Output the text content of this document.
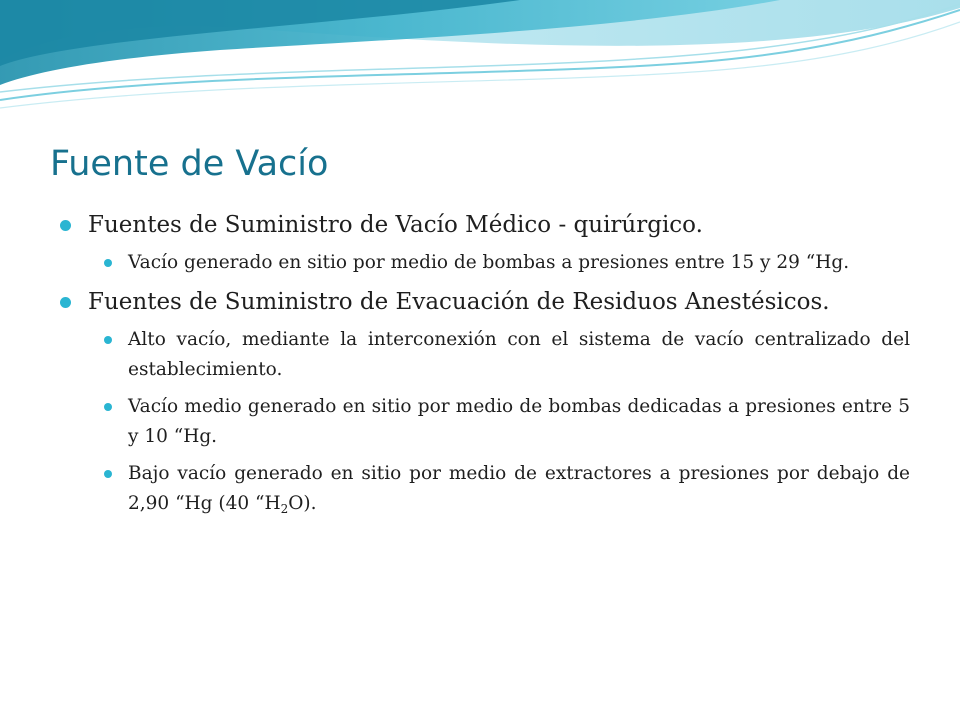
Fuente de Vacío
Fuentes de Suministro de Vacío Médico - quirúrgico.
Vacío generado en sitio por medio de bombas a presiones entre 15 y 29 “Hg.
Fuentes de Suministro de Evacuación de Residuos Anestésicos.
Alto vacío, mediante la interconexión con el sistema de vacío centralizado del establecimiento.
Vacío medio generado en sitio por medio de bombas dedicadas a presiones entre 5 y 10 “Hg.
Bajo vacío generado en sitio por medio de extractores a presiones por debajo de 2,90 “Hg (40 “$H_2O$).
